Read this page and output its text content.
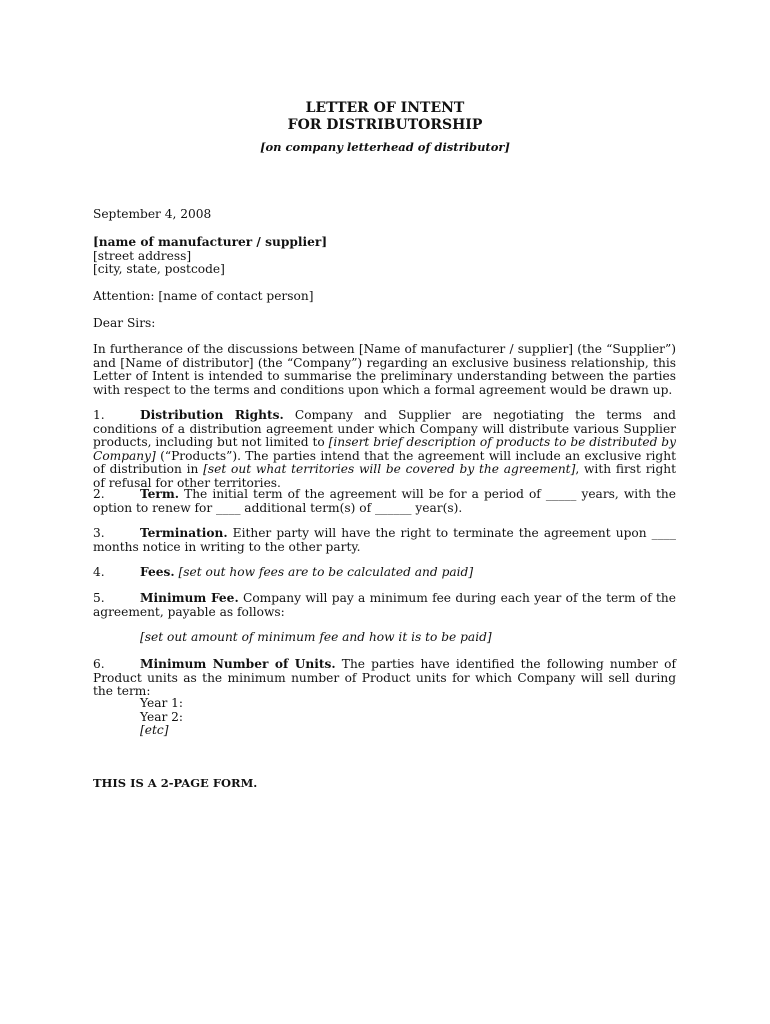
LETTER OF INTENT

FOR DISTRIBUTORSHIP

[on company letterhead of distributor]

September 4, 2008

[name of manufacturer / supplier]
[street address]
[city, state, postcode]

Attention: [name of contact person]

Dear Sirs:

In furtherance of the discussions between [Name of manufacturer / supplier] (the “Supplier”) and [Name of distributor] (the “Company”) regarding an exclusive business relationship, this Letter of Intent is intended to summarise the preliminary understanding between the parties with respect to the terms and conditions upon which a formal agreement would be drawn up.

1.	Distribution Rights. Company and Supplier are negotiating the terms and conditions of a distribution agreement under which Company will distribute various Supplier products, including but not limited to [insert brief description of products to be distributed by Company] (“Products”). The parties intend that the agreement will include an exclusive right of distribution in [set out what territories will be covered by the agreement], with first right of refusal for other territories.

2.	Term. The initial term of the agreement will be for a period of _____ years, with the option to renew for ____ additional term(s) of ______ year(s).

3.	Termination. Either party will have the right to terminate the agreement upon ____ months notice in writing to the other party.

4.	Fees. [set out how fees are to be calculated and paid]

5.	Minimum Fee. Company will pay a minimum fee during each year of the term of the agreement, payable as follows:

[set out amount of minimum fee and how it is to be paid]

6.	Minimum Number of Units. The parties have identified the following number of Product units as the minimum number of Product units for which Company will sell during the term:

Year 1:
Year 2:
[etc]

THIS IS A 2-PAGE FORM.
